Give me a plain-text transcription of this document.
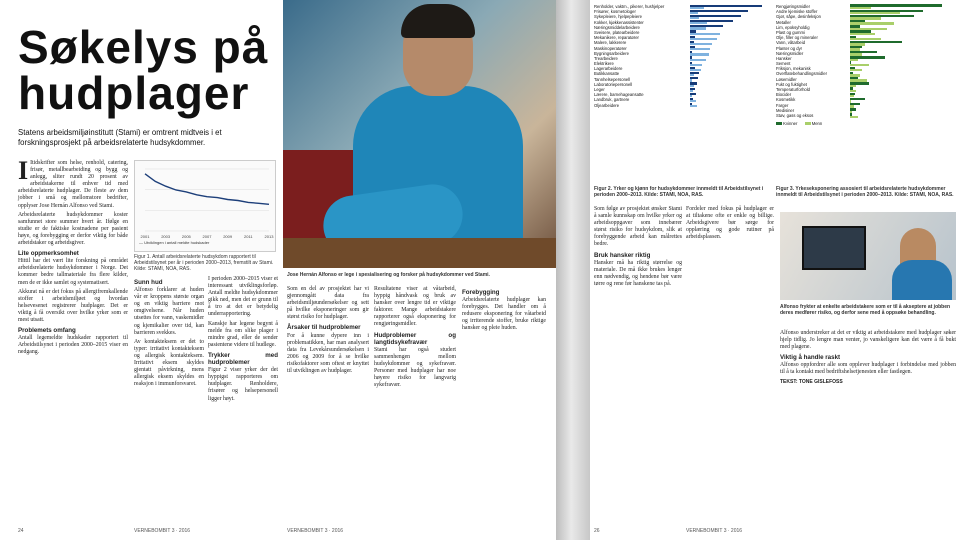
Søkelys på
hudplager
Statens arbeidsmiljøinstitutt (Stami) er omtrent midtveis i et forskningsprosjekt på arbeidsrelaterte hudsykdommer.

I Itidskrifter som helse, renhold, catering, frisør, metallbearbeiding og bygg og anlegg, sliter rundt 20 prosent av arbeidstakerne til enhver tid med arbeidsrelaterte hudplager. De fleste av dem jobber i små og mellomstore bedrifter, opplyser Jose Hernán Alfonso ved Stami.

Arbeidsrelaterte hudsykdommer koster samfunnet store summer hvert år. Ifølge en studie er de faktiske kostnadene per pasient høye, og forebygging er derfor viktig for både arbeidstaker og arbeidsgiver.

Lite oppmerksomhet

Hittil har det vært lite forskning på området arbeidsrelaterte hudsykdommer i Norge. Det kommer bedre tallmateriale fra flere kilder, men de er ikke samlet og systematisert.

Akkurat nå er det fokus på allergifremkallende stoffer i arbeidsmiljøet og hvordan helsevesenet registrerer hudplager. Det er viktig å få oversikt over hvilke yrker som er mest utsatt.

Problemets omfang

Antall legemeldte hudskader rapportert til Arbeidstilsynet i perioden 2000–2015 viser en nedgang.

2001	2003	2005	2007	2009	2011	2013
— Utviklingen i antall meldte hudskader
Figur 1. Antall arbeidsrelaterte hudsykdom rapportert til Arbeidstilsynet per år i perioden 2000–2013, fremstilt av Stami. Kilde: STAMI, NOA, RAS.
Sunn hud

Alfonso forklarer at huden vår er kroppens største organ og en viktig barriere mot omgivelsene. Når huden utsettes for vann, vaskemidler og kjemikalier over tid, kan barrieren svekkes.

Av kontakteksem er det to typer: irritativt kontakteksem og allergisk kontakteksem. Irritativt eksem skyldes gjentatt påvirkning, mens allergisk eksem skyldes en reaksjon i immunforsvaret.

I perioden 2000–2015 viser et interessant utviklingsforløp. Antall meldte hudsykdommer gikk ned, men det er grunn til å tro at det er betydelig underrapportering.

Kanskje har legene begynt å melde fra om slike plager i mindre grad, eller de sender pasientene videre til hudlege.

Trykker med hudproblemer

Figur 2 viser yrker der det hyppigst rapporteres om hudplager. Renholdere, frisører og helsepersonell ligger høyt.

Jose Hernán Alfonso er lege i spesialisering og forsker på hudsykdommer ved Stami.

Som en del av prosjektet har vi gjennomgått data fra arbeidsmiljøundersøkelser og sett på hvilke eksponeringer som gir størst risiko for hudplager.

Årsaker til hudproblemer

For å kunne dypere inn i problematikken, har man analysert data fra Levekårsundersøkelsen i 2006 og 2009 for å se hvilke risikofaktorer som oftest er knyttet til utviklingen av hudplager.

Resultatene viser at våtarbeid, hyppig håndvask og bruk av hansker over lengre tid er viktige faktorer. Mange arbeidstakere rapporterer også eksponering for rengjøringsmidler.

Hudproblemer og langtidsykefravær

Stami har også studert sammenhengen mellom hudsykdommer og sykefravær. Personer med hudplager har noe høyere risiko for langvarig sykefravær.

Forebygging

Arbeidsrelaterte hudplager kan forebygges. Det handler om å redusere eksponering for våtarbeid og irriterende stoffer, bruke riktige hansker og pleie huden.

24	VERNEBOMBIT 3 · 2016	VERNEBOMBIT 3 · 2016
Renholder, vaktm., pikerer, hushjelper
Frisører, kosmetologer
Sykepleiere, hjelpepleiere
Kokker, kjøkkenassistenter
Næringsmiddelarbeidere
Sveisere, platearbeidere
Mekanikere, reparatører
Malere, lakkerere
Maskinoperatører
Bygningsarbeidere
Trearbeidere
Elektrikere
Lagerarbeidere
Butikkansatte
Tannhelsepersonell
Laboratoriepersonell
Leger
Lærere, barnehageansatte
Landbruk, gartnere
Oljearbeidere
Figur 2. Yrker og kjønn for hudsykdommer innmeldt til Arbeidstilsynet i perioden 2000–2013. Kilde: STAMI, NOA, RAS.
Rengjøringsmidler
Andre kjemiske stoffer
Gjør, såpe, desinfeksjon
Metaller
Lim, epoksyholdig
Plast og gummi
Olje, filler og mineraler
Vann, våtarbeid
Planter og dyr
Næringsmidler
Hansker
Sement
Friksjon, mekanisk
Overflatebehandlingsmidler
Løsemidler
Fukt og fuktighet
Temperaturforhold
Biocider
Kosmetikk
Farger
Medisiner
Støv, gass og eksos
Kvinner	Menn
Figur 3. Yrkeseksponering assosiert til arbeidsrelaterte hudsykdommer innmeldt til Arbeidstilsynet i perioden 2000–2013. Kilde: STAMI, NOA, RAS.

Som følge av prosjektet ønsker Stami å samle kunnskap om hvilke yrker og arbeidsoppgaver som innebærer størst risiko for hudsykdom, slik at forebyggende arbeid kan målrettes bedre.

Bruk hansker riktig

Hansker må ha riktig størrelse og materiale. De må ikke brukes lenger enn nødvendig, og hendene bør være tørre og rene før hanskene tas på.

Fordeler med fokus på hudplager er at tiltakene ofte er enkle og billige. Arbeidsgivere bør sørge for opplæring og gode rutiner på arbeidsplassen.

Alfonso frykter at enkelte arbeidstakere som er til å akseptere at jobben deres medfører risiko, og derfor sene med å oppsøke behandling.

Alfonso understreker at det er viktig at arbeidstakere med hudplager søker hjelp tidlig. Jo lengre man venter, jo vanskeligere kan det være å få bukt med plagene.

Viktig å handle raskt

Alfonso oppfordrer alle som opplever hudplager i forbindelse med jobben til å ta kontakt med bedriftshelsetjenesten eller fastlegen.

TEKST: TONE GISLEFOSS

26	VERNEBOMBIT 3 · 2016
